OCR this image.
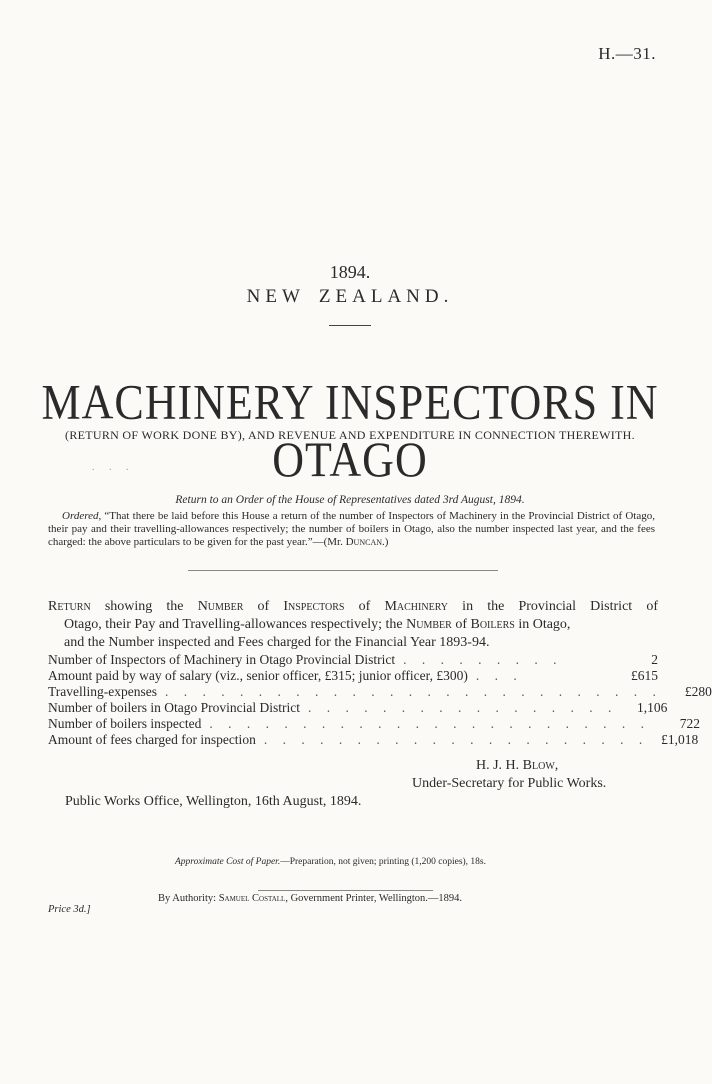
H.—31.
1894.
NEW ZEALAND.
MACHINERY INSPECTORS IN OTAGO
(RETURN OF WORK DONE BY), AND REVENUE AND EXPENDITURE IN CONNECTION THEREWITH.
. . .
Return to an Order of the House of Representatives dated 3rd August, 1894.
Ordered, “That there be laid before this House a return of the number of Inspectors of Machinery in the Provincial District of Otago, their pay and their travelling-allowances respectively; the number of boilers in Otago, also the number inspected last year, and the fees charged: the above particulars to be given for the past year.”—(Mr. Duncan.)
Return showing the Number of Inspectors of Machinery in the Provincial District of
Otago, their Pay and Travelling-allowances respectively; the Number of Boilers in Otago,
and the Number inspected and Fees charged for the Financial Year 1893-94.
Number of Inspectors of Machinery in Otago Provincial District . . . . . . . . .	2
Amount paid by way of salary (viz., senior officer, £315; junior officer, £300) . . .	£615
Travelling-expenses . . . . . . . . . . . . . . . . . . . . . . . . . . .	£280
Number of boilers in Otago Provincial District . . . . . . . . . . . . . . . . .	1,106
Number of boilers inspected . . . . . . . . . . . . . . . . . . . . . . . .	722
Amount of fees charged for inspection . . . . . . . . . . . . . . . . . . . . . £1,018
H. J. H. Blow,
Under-Secretary for Public Works.
Public Works Office, Wellington, 16th August, 1894.
Approximate Cost of Paper.—Preparation, not given; printing (1,200 copies), 18s.
By Authority: Samuel Costall, Government Printer, Wellington.—1894.
Price 3d.]
